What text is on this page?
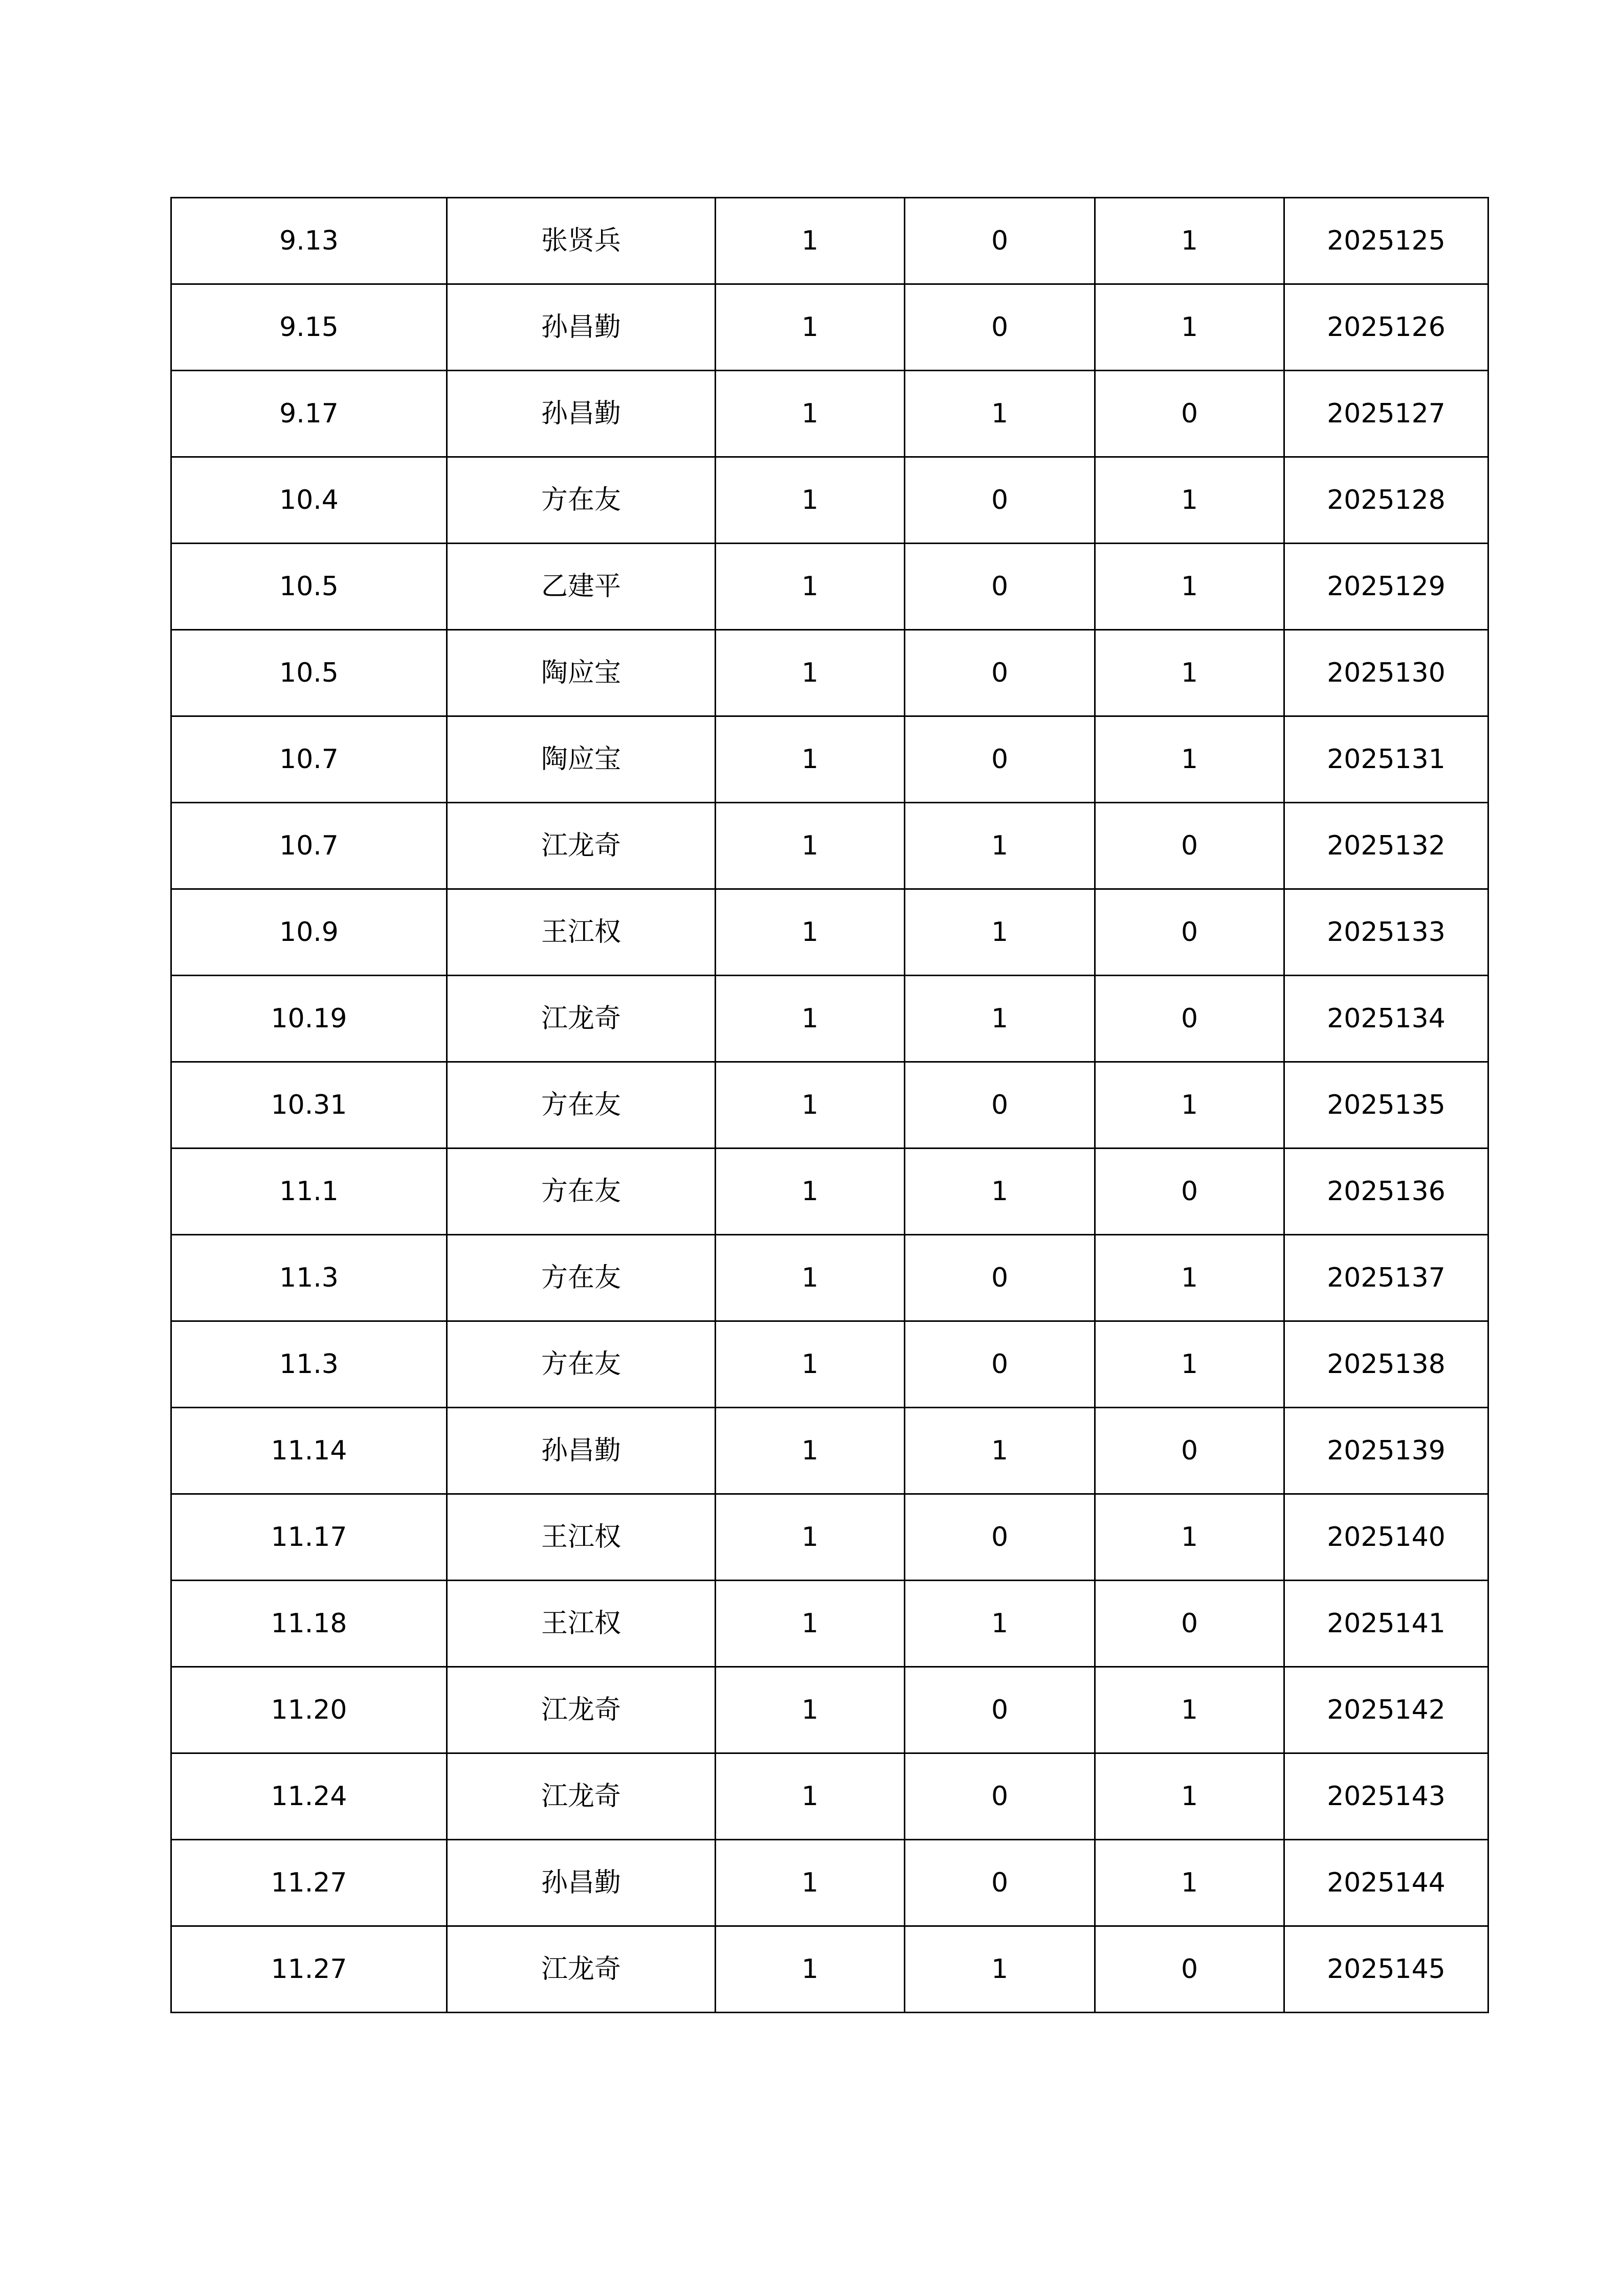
9.13	张贤兵	1	0	1	2025125
9.15	孙昌勤	1	0	1	2025126
9.17	孙昌勤	1	1	0	2025127
10.4	方在友	1	0	1	2025128
10.5	乙建平	1	0	1	2025129
10.5	陶应宝	1	0	1	2025130
10.7	陶应宝	1	0	1	2025131
10.7	江龙奇	1	1	0	2025132
10.9	王江权	1	1	0	2025133
10.19	江龙奇	1	1	0	2025134
10.31	方在友	1	0	1	2025135
11.1	方在友	1	1	0	2025136
11.3	方在友	1	0	1	2025137
11.3	方在友	1	0	1	2025138
11.14	孙昌勤	1	1	0	2025139
11.17	王江权	1	0	1	2025140
11.18	王江权	1	1	0	2025141
11.20	江龙奇	1	0	1	2025142
11.24	江龙奇	1	0	1	2025143
11.27	孙昌勤	1	0	1	2025144
11.27	江龙奇	1	1	0	2025145
